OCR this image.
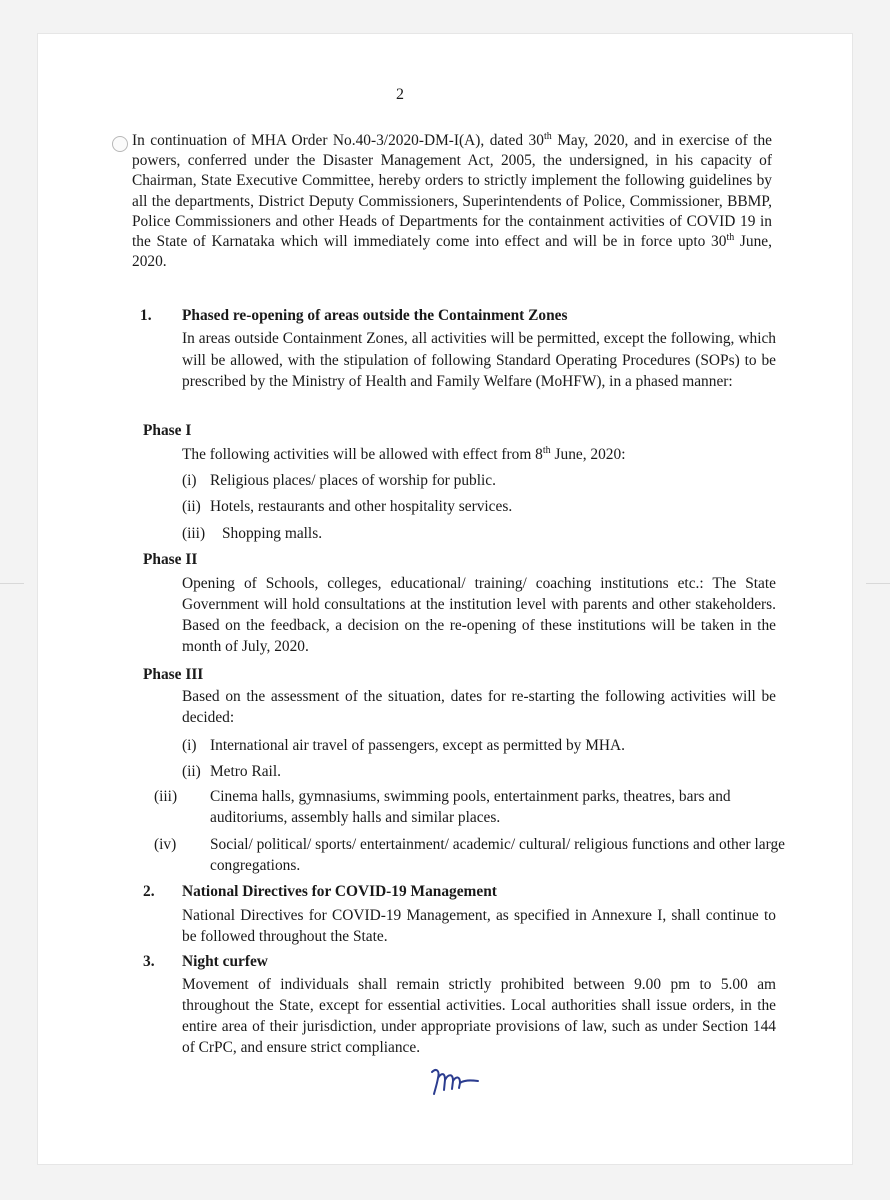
2
In continuation of MHA Order No.40-3/2020-DM-I(A), dated 30th May, 2020, and in exercise of the powers, conferred under the Disaster Management Act, 2005, the undersigned, in his capacity of Chairman, State Executive Committee, hereby orders to strictly implement the following guidelines by all the departments, District Deputy Commissioners, Superintendents of Police, Commissioner, BBMP, Police Commissioners and other Heads of Departments for the containment activities of COVID 19 in the State of Karnataka which will immediately come into effect and will be in force upto 30th June, 2020.
1. Phased re-opening of areas outside the Containment Zones
In areas outside Containment Zones, all activities will be permitted, except the following, which will be allowed, with the stipulation of following Standard Operating Procedures (SOPs) to be prescribed by the Ministry of Health and Family Welfare (MoHFW), in a phased manner:
Phase I
The following activities will be allowed with effect from 8th June, 2020:
(i) Religious places/ places of worship for public.
(ii) Hotels, restaurants and other hospitality services.
(iii) Shopping malls.
Phase II
Opening of Schools, colleges, educational/ training/ coaching institutions etc.: The State Government will hold consultations at the institution level with parents and other stakeholders. Based on the feedback, a decision on the re-opening of these institutions will be taken in the month of July, 2020.
Phase III
Based on the assessment of the situation, dates for re-starting the following activities will be decided:
(i) International air travel of passengers, except as permitted by MHA.
(ii) Metro Rail.
(iii) Cinema halls, gymnasiums, swimming pools, entertainment parks, theatres, bars and auditoriums, assembly halls and similar places.
(iv) Social/ political/ sports/ entertainment/ academic/ cultural/ religious functions and other large congregations.
2. National Directives for COVID-19 Management
National Directives for COVID-19 Management, as specified in Annexure I, shall continue to be followed throughout the State.
3. Night curfew
Movement of individuals shall remain strictly prohibited between 9.00 pm to 5.00 am throughout the State, except for essential activities. Local authorities shall issue orders, in the entire area of their jurisdiction, under appropriate provisions of law, such as under Section 144 of CrPC, and ensure strict compliance.
